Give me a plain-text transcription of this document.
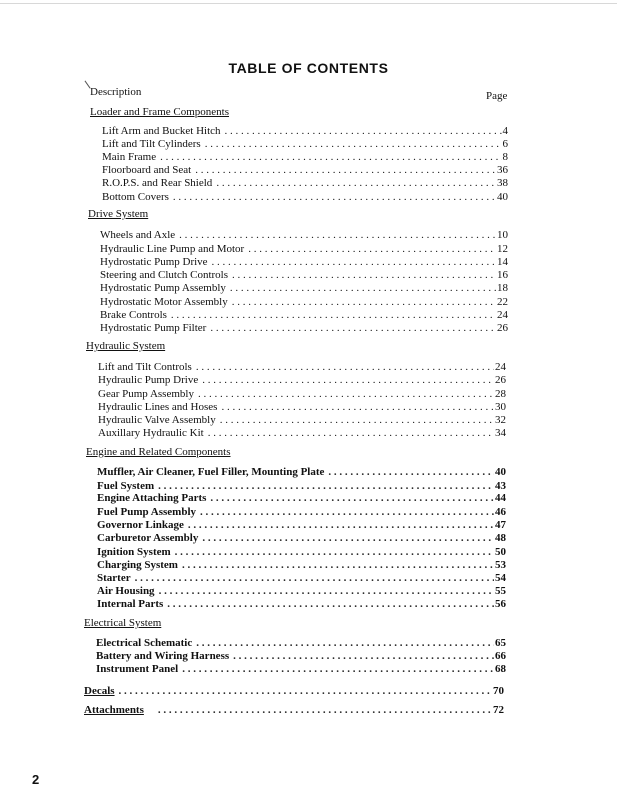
TABLE OF CONTENTS
Description	Page
Loader and Frame Components
Lift Arm and Bucket Hitch . . .	4
Lift and Tilt Cylinders . . .	6
Main Frame . . .	8
Floorboard and Seat . . .	36
R.O.P.S. and Rear Shield . . .	38
Bottom Covers . . .	40
Drive System
Wheels and Axle . . .	10
Hydraulic Line Pump and Motor . . .	12
Hydrostatic Pump Drive . . .	14
Steering and Clutch Controls . . .	16
Hydrostatic Pump Assembly . . .	18
Hydrostatic Motor Assembly . . .	22
Brake Controls . . .	24
Hydrostatic Pump Filter . . .	26
Hydraulic System
Lift and Tilt Controls . . .	24
Hydraulic Pump Drive . . .	26
Gear Pump Assembly . . .	28
Hydraulic Lines and Hoses . . .	30
Hydraulic Valve Assembly . . .	32
Auxillary Hydraulic Kit . . .	34
Engine and Related Components
Muffler, Air Cleaner, Fuel Filler, Mounting Plate . . .	40
Fuel System . . .	43
Engine Attaching Parts . . .	44
Fuel Pump Assembly . . .	46
Governor Linkage . . .	47
Carburetor Assembly . . .	48
Ignition System . . .	50
Charging System . . .	53
Starter . . .	54
Air Housing . . .	55
Internal Parts . . .	56
Electrical System
Electrical Schematic . . .	65
Battery and Wiring Harness . . .	66
Instrument Panel . . .	68
Decals . . .	70
Attachments . . .	72
2
